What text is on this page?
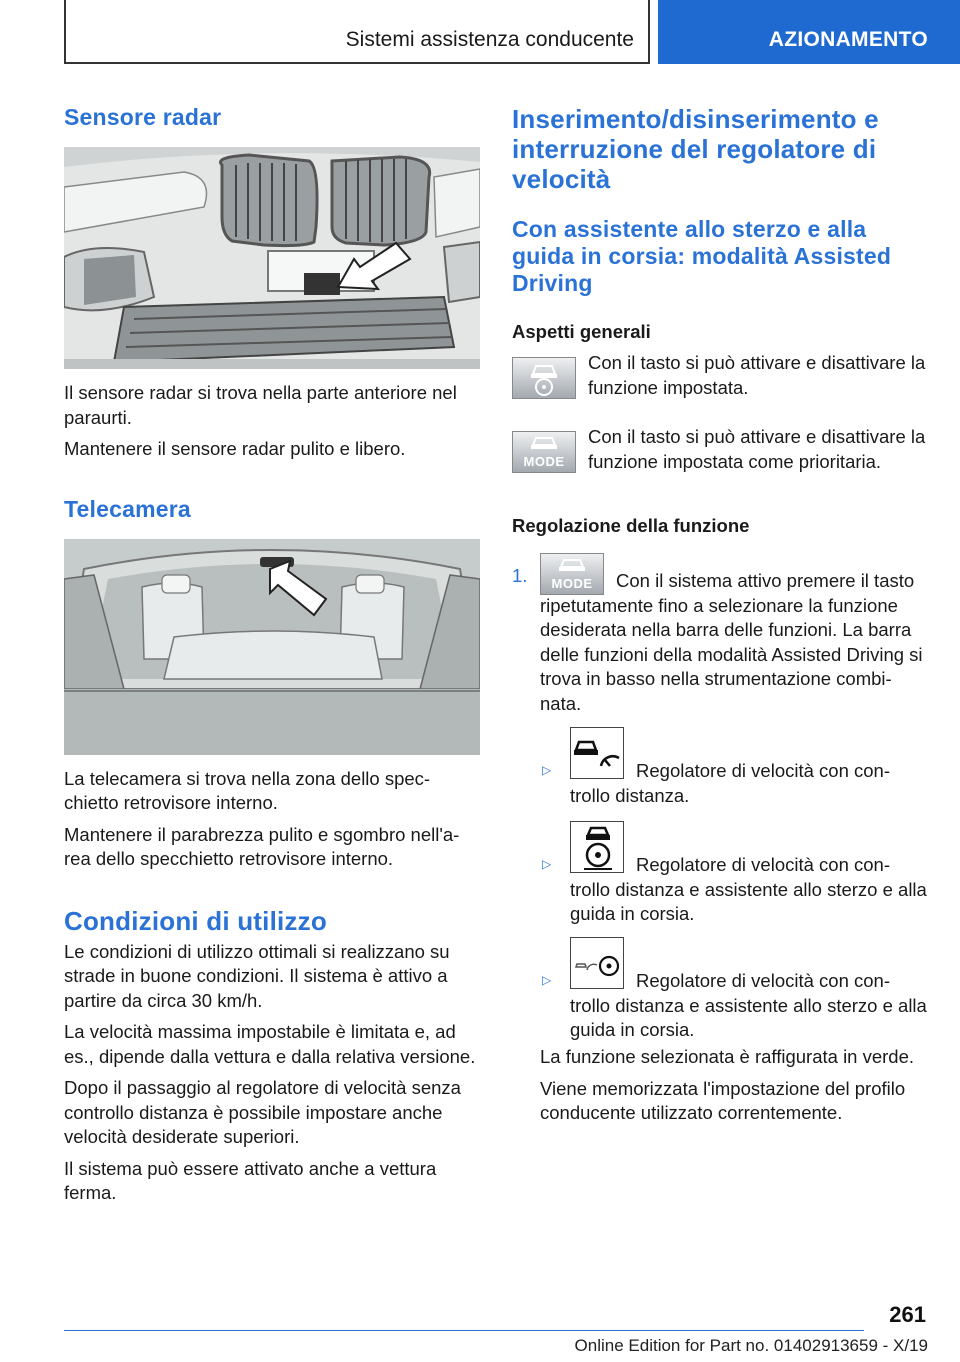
Sistemi assistenza conducente	AZIONAMENTO
Sensore radar

Il sensore radar si trova nella parte anteriore nel paraurti.

Mantenere il sensore radar pulito e libero.

Telecamera

La telecamera si trova nella zona dello spec-chietto retrovisore interno.

Mantenere il parabrezza pulito e sgombro nell'a-rea dello specchietto retrovisore interno.

Condizioni di utilizzo

Le condizioni di utilizzo ottimali si realizzano su strade in buone condizioni. Il sistema è attivo a partire da circa 30 km/h.

La velocità massima impostabile è limitata e, ad es., dipende dalla vettura e dalla relativa versione.

Dopo il passaggio al regolatore di velocità senza controllo distanza è possibile impostare anche velocità desiderate superiori.

Il sistema può essere attivato anche a vettura ferma.

Inserimento/disinserimento e interruzione del regolatore di velocità
Con assistente allo sterzo e alla guida in corsia: modalità Assisted Driving
Aspetti generali

Con il tasto si può attivare e disattivare la funzione impostata.

MODE

Con il tasto si può attivare e disattivare la funzione impostata come prioritaria.

Regolazione della funzione
1.	MODE	Con il sistema attivo premere il tasto ripetutamente fino a selezionare la funzione desiderata nella barra delle funzioni. La barra delle funzioni della modalità Assisted Driving si trova in basso nella strumentazione combi-nata.

▷	Regolatore di velocità con con-trollo distanza.

▷	Regolatore di velocità con con-trollo distanza e assistente allo sterzo e alla guida in corsia.

▷	Regolatore di velocità con con-trollo distanza e assistente allo sterzo e alla guida in corsia.

La funzione selezionata è raffigurata in verde.

Viene memorizzata l'impostazione del profilo conducente utilizzato correntemente.

261
Online Edition for Part no. 01402913659 - X/19
